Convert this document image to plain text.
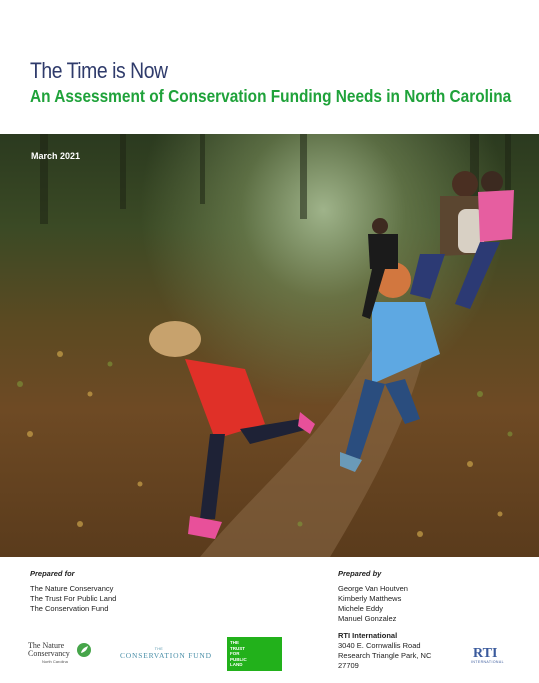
The Time is Now
An Assessment of Conservation Funding Needs in North Carolina
March 2021
Prepared for
The Nature Conservancy
The Trust For Public Land
The Conservation Fund
Prepared by
George Van Houtven
Kimberly Matthews
Michele Eddy
Manuel Gonzalez
RTI International
3040 E. Cornwallis Road
Research Triangle Park, NC
27709
The Nature
Conservancy
North Carolina
THE
CONSERVATION FUND
THE
TRUST
FOR
PUBLIC
LAND
RTI
INTERNATIONAL
